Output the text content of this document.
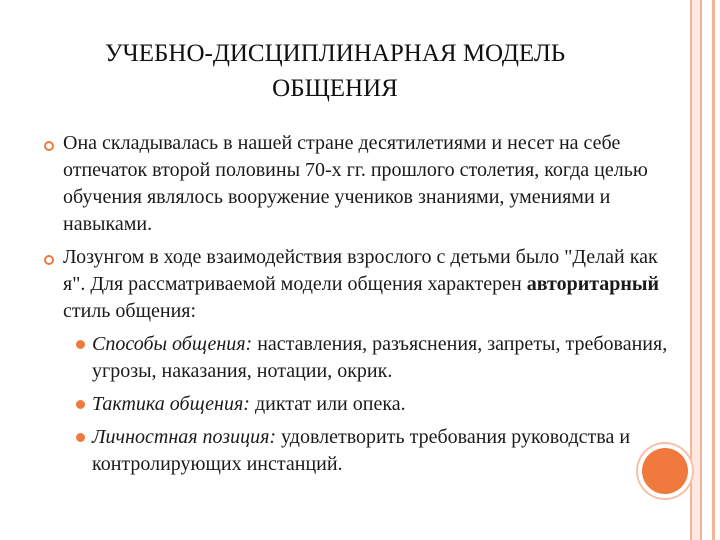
УЧЕБНО-ДИСЦИПЛИНАРНАЯ МОДЕЛЬ
ОБЩЕНИЯ
Она складывалась в нашей стране десятилетиями и несет на себе отпечаток второй половины 70-х гг. прошлого столетия, когда целью обучения являлось вооружение учеников знаниями, умениями и навыками.
Лозунгом в ходе взаимодействия взрослого с детьми было "Делай как я". Для рассматриваемой модели общения характерен авторитарный стиль общения:
Способы общения: наставления, разъяснения, запреты, требования, угрозы, наказания, нотации, окрик.
Тактика общения: диктат или опека.
Личностная позиция: удовлетворить требования руководства и контролирующих инстанций.
